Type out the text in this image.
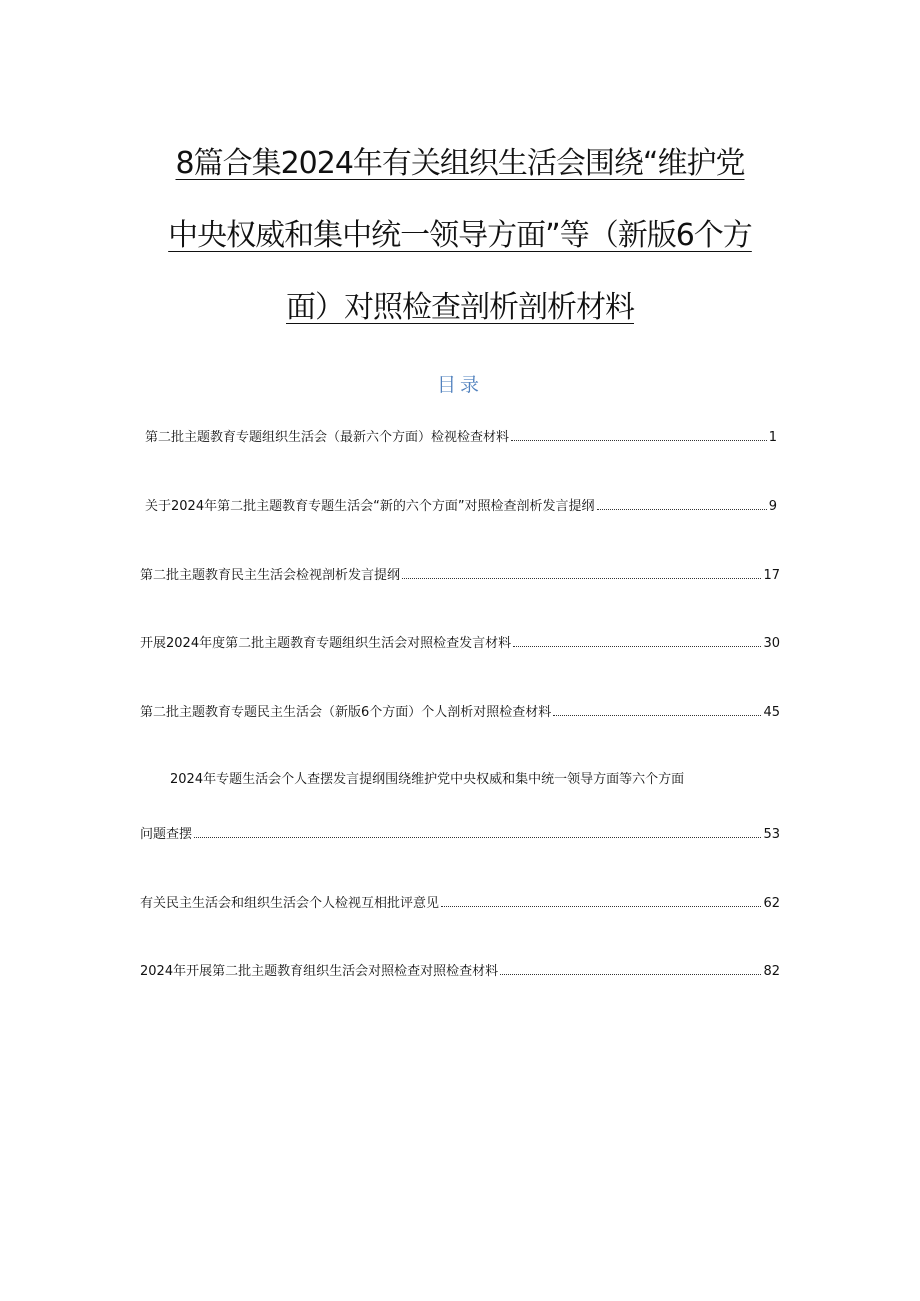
8篇合集2024年有关组织生活会围绕“维护党
中央权威和集中统一领导方面”等（新版6个方
面）对照检查剖析剖析材料
目录
第二批主题教育专题组织生活会（最新六个方面）检视检查材料	1
关于2024年第二批主题教育专题生活会“新的六个方面”对照检查剖析发言提纲	9
第二批主题教育民主生活会检视剖析发言提纲	17
开展2024年度第二批主题教育专题组织生活会对照检查发言材料	30
第二批主题教育专题民主生活会（新版6个方面）个人剖析对照检查材料	45
2024年专题生活会个人查摆发言提纲围绕维护党中央权威和集中统一领导方面等六个方面
问题查摆	53
有关民主生活会和组织生活会个人检视互相批评意见	62
2024年开展第二批主题教育组织生活会对照检查对照检查材料	82
